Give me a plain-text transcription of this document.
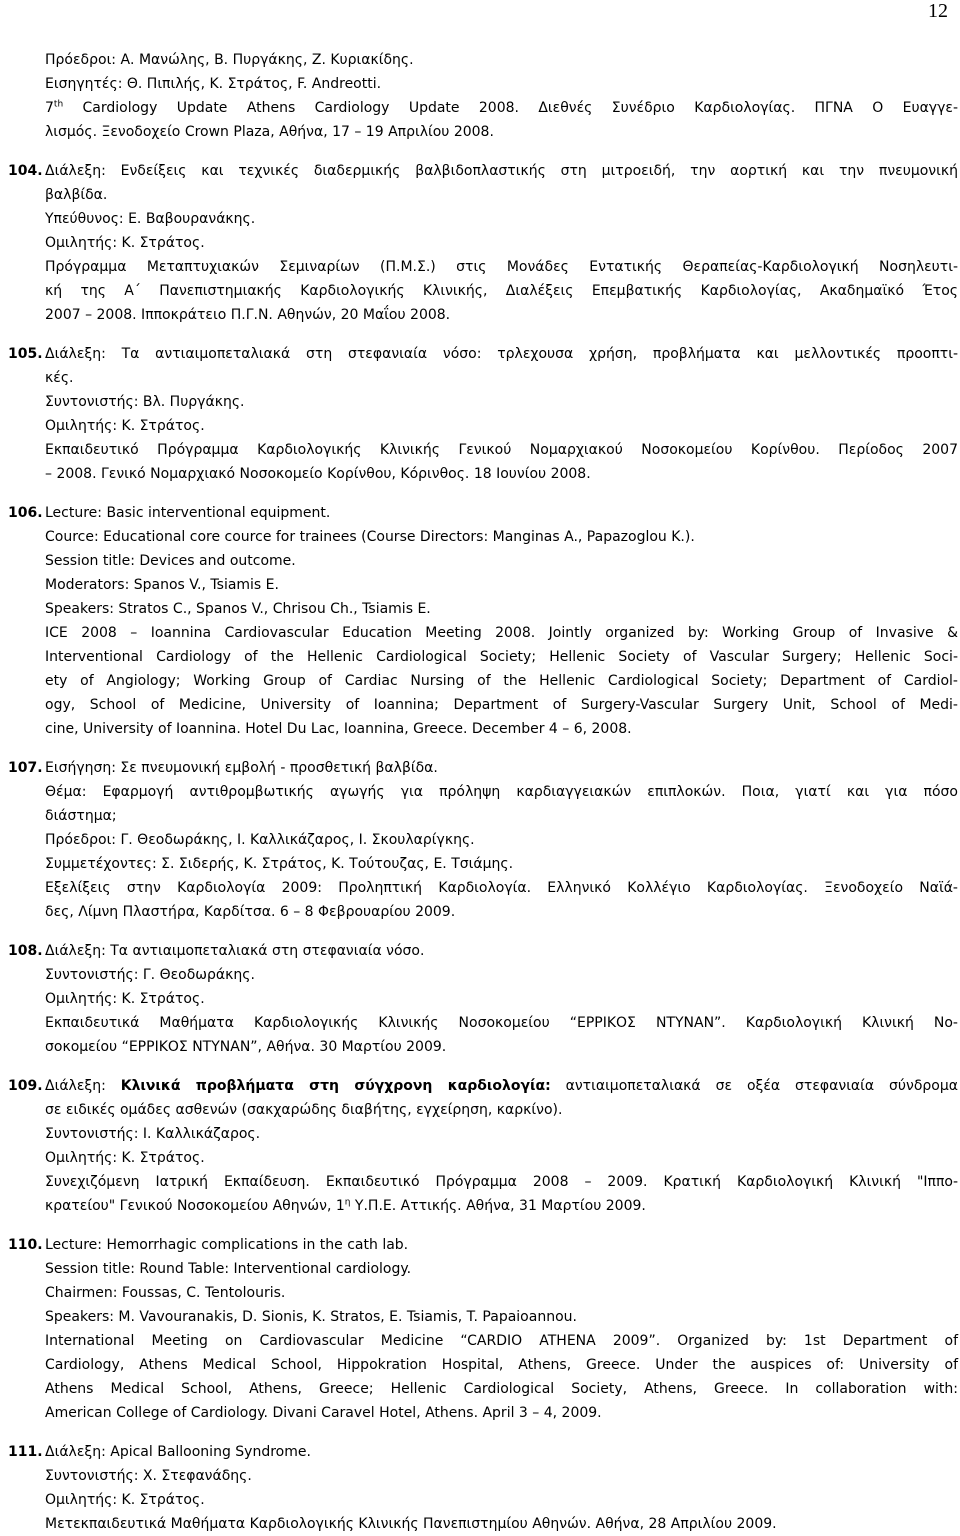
12
Πρόεδροι: Α. Μανώλης, Β. Πυργάκης, Ζ. Κυριακίδης.
Εισηγητές: Θ. Πιπιλής, Κ. Στράτος, F. Andreotti.
7th Cardiology Update Athens Cardiology Update 2008. Διεθνές Συνέδριο Καρδιολογίας. ΠΓΝΑ Ο Ευαγγε-
λισμός. Ξενοδοχείο Crown Plaza, Αθήνα, 17 – 19 Απριλίου 2008.
104. Διάλεξη: Ενδείξεις και τεχνικές διαδερμικής βαλβιδοπλαστικής στη μιτροειδή, την αορτική και την πνευμονική
βαλβίδα.
Υπεύθυνος: Ε. Βαβουρανάκης.
Ομιλητής: Κ. Στράτος.
Πρόγραμμα Μεταπτυχιακών Σεμιναρίων (Π.Μ.Σ.) στις Μονάδες Εντατικής Θεραπείας-Καρδιολογική Νοσηλευτι-
κή της Α΄ Πανεπιστημιακής Καρδιολογικής Κλινικής, Διαλέξεις Επεμβατικής Καρδιολογίας, Ακαδημαϊκό Έτος
2007 – 2008. Ιπποκράτειο Π.Γ.Ν. Αθηνών, 20 Μαΐου 2008.
105. Διάλεξη: Τα αντιαιμοπεταλιακά στη στεφανιαία νόσο: τρλεχουσα χρήση, προβλήματα και μελλοντικές προοπτι-
κές.
Συντονιστής: Βλ. Πυργάκης.
Ομιλητής: Κ. Στράτος.
Εκπαιδευτικό Πρόγραμμα Καρδιολογικής Κλινικής Γενικού Νομαρχιακού Νοσοκομείου Κορίνθου. Περίοδος 2007
– 2008. Γενικό Νομαρχιακό Νοσοκομείο Κορίνθου, Κόρινθος. 18 Ιουνίου 2008.
106. Lecture: Basic interventional equipment.
Cource: Educational core cource for trainees (Course Directors: Manginas A., Papazoglou K.).
Session title: Devices and outcome.
Moderators: Spanos V., Tsiamis E.
Speakers: Stratos C., Spanos V., Chrisou Ch., Tsiamis E.
ICE 2008 – Ioannina Cardiovascular Education Meeting 2008. Jointly organized by: Working Group of Invasive &
Interventional Cardiology of the Hellenic Cardiological Society; Hellenic Society of Vascular Surgery; Hellenic Soci-
ety of Angiology; Working Group of Cardiac Nursing of the Hellenic Cardiological Society; Department of Cardiol-
ogy, School of Medicine, University of Ioannina; Department of Surgery-Vascular Surgery Unit, School of Medi-
cine, University of Ioannina. Hotel Du Lac, Ioannina, Greece. December 4 – 6, 2008.
107. Εισήγηση: Σε πνευμονική εμβολή - προσθετική βαλβίδα.
Θέμα: Εφαρμογή αντιθρομβωτικής αγωγής για πρόληψη καρδιαγγειακών επιπλοκών. Ποια, γιατί και για πόσο
διάστημα;
Πρόεδροι: Γ. Θεοδωράκης, Ι. Καλλικάζαρος, Ι. Σκουλαρίγκης.
Συμμετέχοντες: Σ. Σιδερής, Κ. Στράτος, Κ. Τούτουζας, Ε. Τσιάμης.
Εξελίξεις στην Καρδιολογία 2009: Προληπτική Καρδιολογία. Ελληνικό Κολλέγιο Καρδιολογίας. Ξενοδοχείο Ναϊά-
δες, Λίμνη Πλαστήρα, Καρδίτσα. 6 – 8 Φεβρουαρίου 2009.
108. Διάλεξη: Τα αντιαιμοπεταλιακά στη στεφανιαία νόσο.
Συντονιστής: Γ. Θεοδωράκης.
Ομιλητής: Κ. Στράτος.
Εκπαιδευτικά Μαθήματα Καρδιολογικής Κλινικής Νοσοκομείου “ΕΡΡΙΚΟΣ ΝΤΥΝΑΝ”. Καρδιολογική Κλινική Νο-
σοκομείου “ΕΡΡΙΚΟΣ ΝΤΥΝΑΝ”, Αθήνα. 30 Μαρτίου 2009.
109. Διάλεξη: Κλινικά προβλήματα στη σύγχρονη καρδιολογία: αντιαιμοπεταλιακά σε οξέα στεφανιαία σύνδρομα
σε ειδικές ομάδες ασθενών (σακχαρώδης διαβήτης, εγχείρηση, καρκίνο).
Συντονιστής: Ι. Καλλικάζαρος.
Ομιλητής: Κ. Στράτος.
Συνεχιζόμενη Ιατρική Εκπαίδευση. Εκπαιδευτικό Πρόγραμμα 2008 – 2009. Κρατική Καρδιολογική Κλινική "Ιππο-
κρατείου" Γενικού Νοσοκομείου Αθηνών, $1^\eta$ Υ.Π.Ε. Αττικής. Αθήνα, 31 Μαρτίου 2009.
110. Lecture: Hemorrhagic complications in the cath lab.
Session title: Round Table: Interventional cardiology.
Chairmen: Foussas, C. Tentolouris.
Speakers: M. Vavouranakis, D. Sionis, K. Stratos, E. Tsiamis, T. Papaioannou.
International Meeting on Cardiovascular Medicine “CARDIO ATHENA 2009”. Organized by: 1st Department of
Cardiology, Athens Medical School, Hippokration Hospital, Athens, Greece. Under the auspices of: University of
Athens Medical School, Athens, Greece; Hellenic Cardiological Society, Athens, Greece. In collaboration with:
American College of Cardiology. Divani Caravel Hotel, Athens. April 3 – 4, 2009.
111. Διάλεξη: Apical Ballooning Syndrome.
Συντονιστής: Χ. Στεφανάδης.
Ομιλητής: Κ. Στράτος.
Μετεκπαιδευτικά Μαθήματα Καρδιολογικής Κλινικής Πανεπιστημίου Αθηνών. Αθήνα, 28 Απριλίου 2009.
